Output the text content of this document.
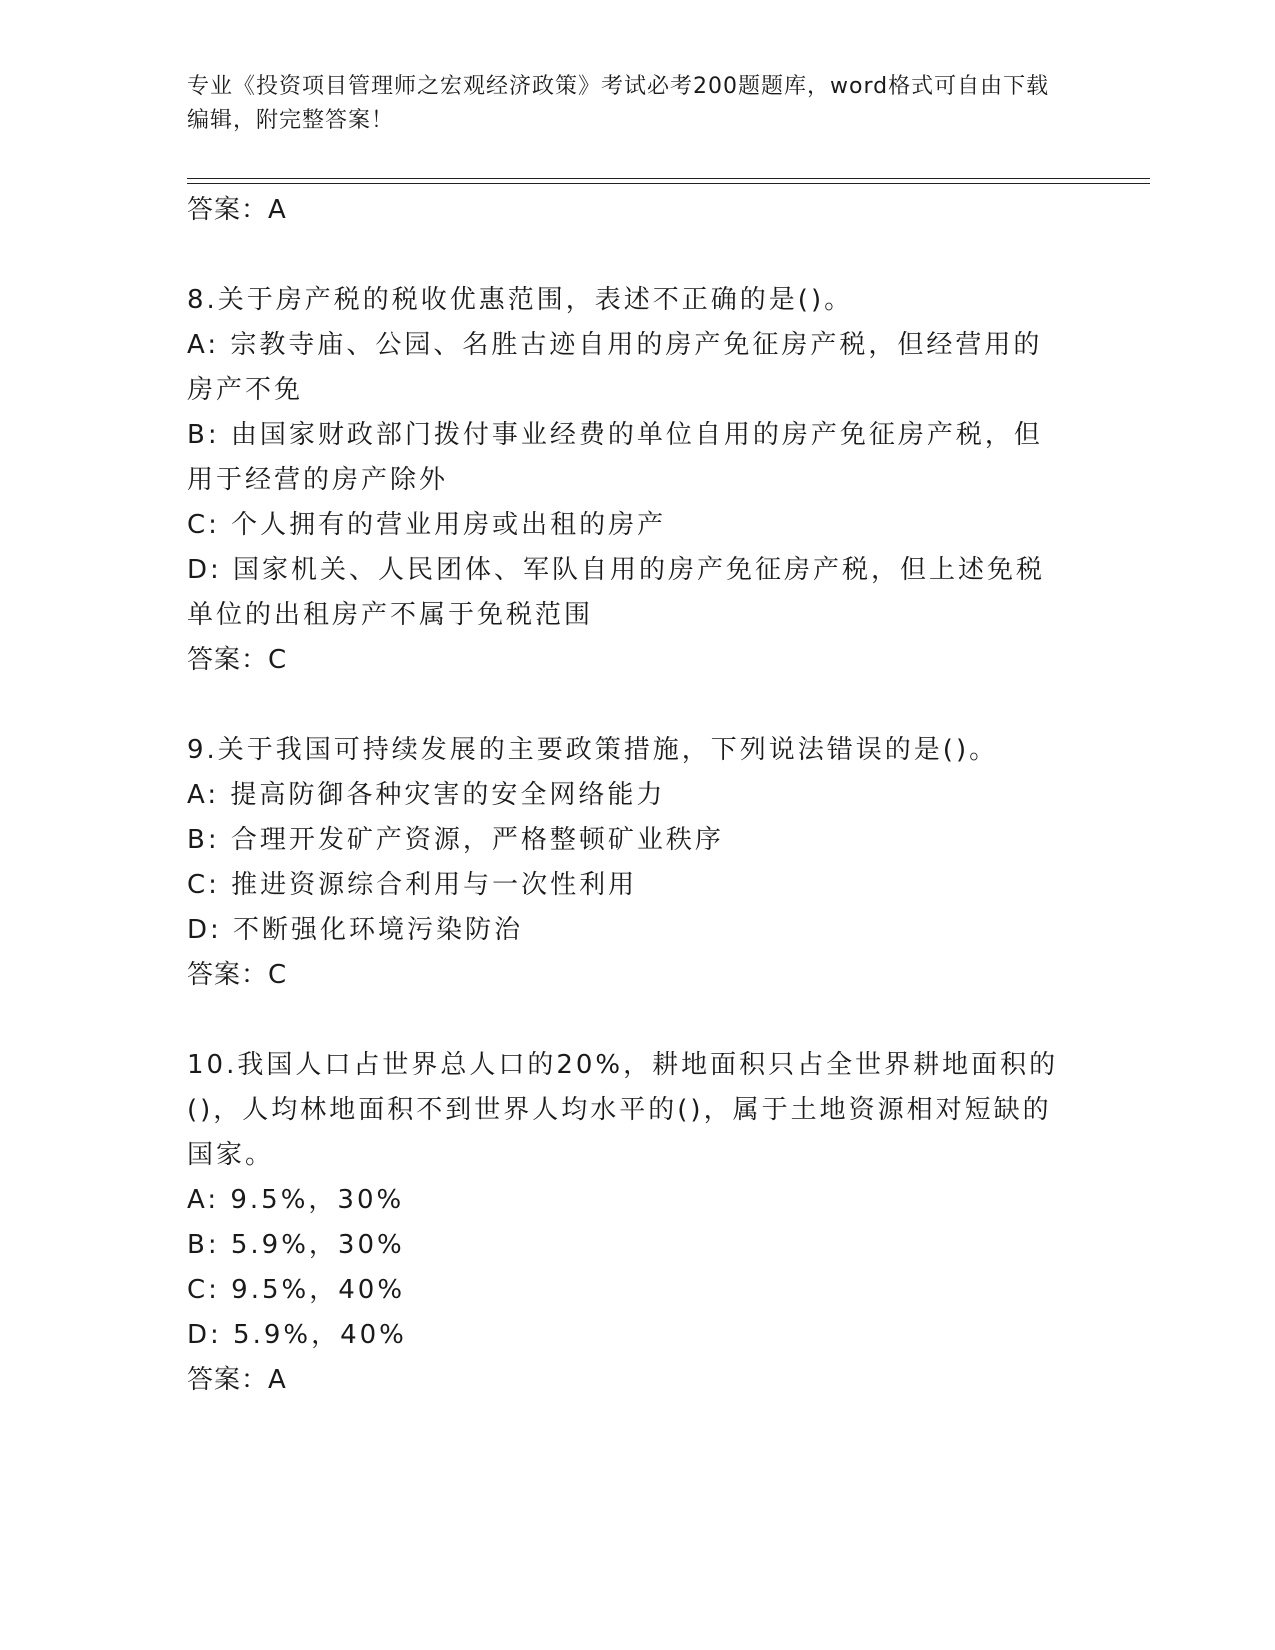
专业《投资项目管理师之宏观经济政策》考试必考200题题库，word格式可自由下载编辑，附完整答案！
答案：A
8.关于房产税的税收优惠范围，表述不正确的是()。
A: 宗教寺庙、公园、名胜古迹自用的房产免征房产税，但经营用的房产不免
B: 由国家财政部门拨付事业经费的单位自用的房产免征房产税，但用于经营的房产除外
C: 个人拥有的营业用房或出租的房产
D: 国家机关、人民团体、军队自用的房产免征房产税，但上述免税单位的出租房产不属于免税范围
答案：C
9.关于我国可持续发展的主要政策措施，下列说法错误的是()。
A: 提高防御各种灾害的安全网络能力
B: 合理开发矿产资源，严格整顿矿业秩序
C: 推进资源综合利用与一次性利用
D: 不断强化环境污染防治
答案：C
10.我国人口占世界总人口的20%，耕地面积只占全世界耕地面积的()，人均林地面积不到世界人均水平的()，属于土地资源相对短缺的国家。
A: 9.5%，30%
B: 5.9%，30%
C: 9.5%，40%
D: 5.9%，40%
答案：A
